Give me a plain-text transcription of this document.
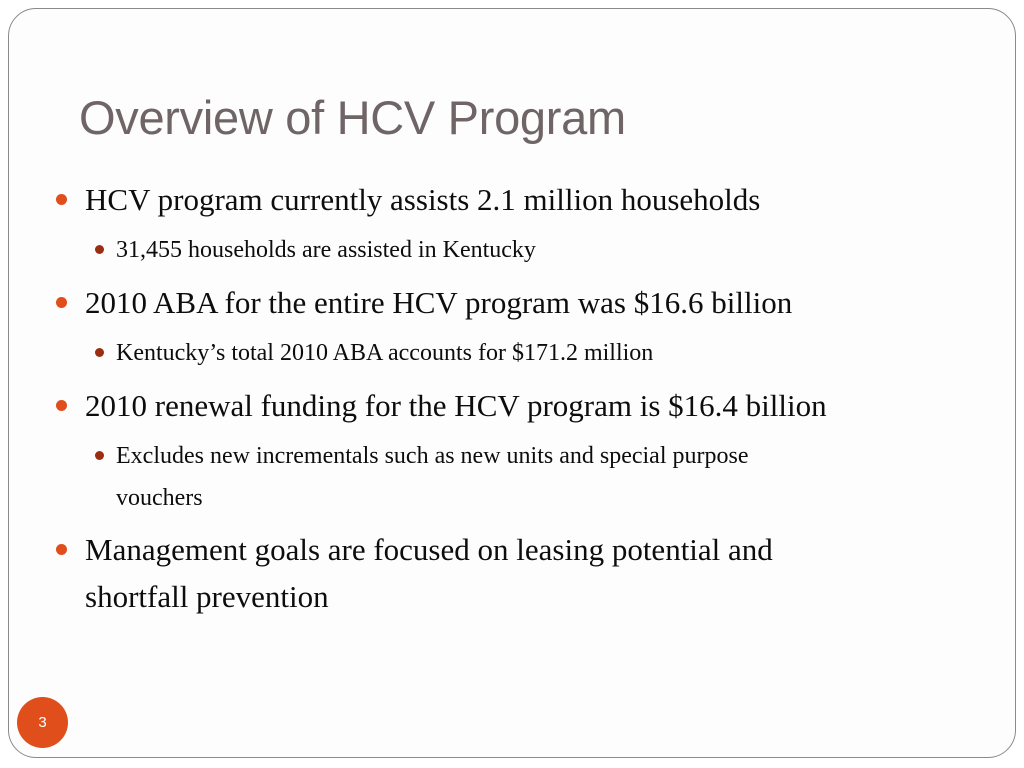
Overview of HCV Program
HCV program currently assists 2.1 million households
31,455 households are assisted in Kentucky
2010 ABA for the entire HCV program was $16.6 billion
Kentucky’s total 2010 ABA accounts for $171.2 million
2010 renewal funding for the HCV program is $16.4 billion
Excludes new incrementals such as new units and special purpose
vouchers
Management goals are focused on leasing potential and
shortfall prevention
3
